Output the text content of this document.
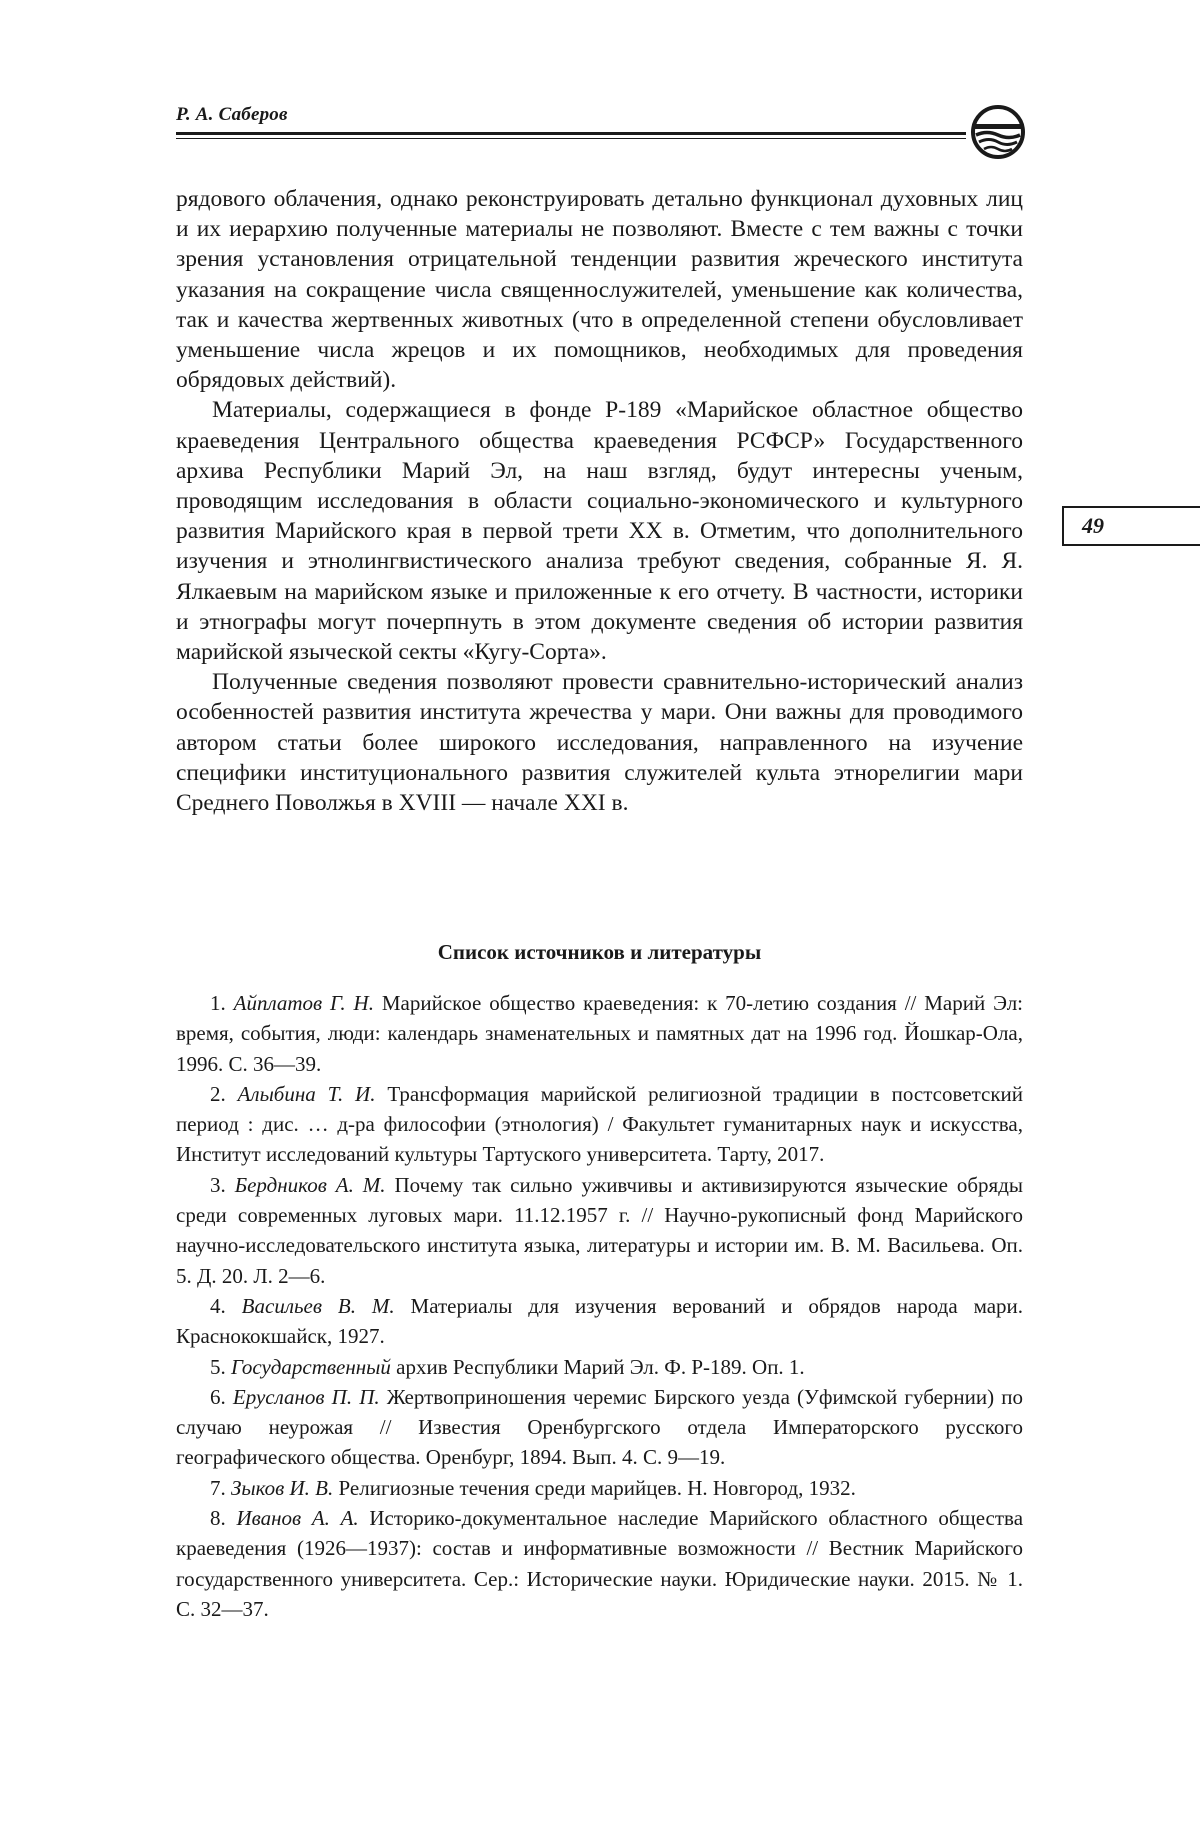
Р. А. Саберов
49

рядового облачения, однако реконструировать детально функционал духовных лиц и их иерархию полученные материалы не позволяют. Вместе с тем важны с точки зрения установления отрицательной тенденции развития жреческого института указания на сокращение числа священнослужителей, уменьшение как количества, так и качества жертвенных животных (что в определенной степени обусловливает уменьшение числа жрецов и их помощников, необходимых для проведения обрядовых действий).

Материалы, содержащиеся в фонде Р-189 «Марийское областное общество краеведения Центрального общества краеведения РСФСР» Государственного архива Республики Марий Эл, на наш взгляд, будут интересны ученым, проводящим исследования в области социально-экономического и культурного развития Марийского края в первой трети XX в. Отметим, что дополнительного изучения и этнолингвистического анализа требуют сведения, собранные Я. Я. Ялкаевым на марийском языке и приложенные к его отчету. В частности, историки и этнографы могут почерпнуть в этом документе сведения об истории развития марийской языческой секты «Кугу-Сорта».

Полученные сведения позволяют провести сравнительно-исторический анализ особенностей развития института жречества у мари. Они важны для проводимого автором статьи более широкого исследования, направленного на изучение специфики институционального развития служителей культа этнорелигии мари Среднего Поволжья в XVIII — начале XXI в.

Список источников и литературы

1. Айплатов Г. Н. Марийское общество краеведения: к 70-летию создания // Марий Эл: время, события, люди: календарь знаменательных и памятных дат на 1996 год. Йошкар-Ола, 1996. С. 36—39.

2. Алыбина Т. И. Трансформация марийской религиозной традиции в постсоветский период : дис. … д-ра философии (этнология) / Факультет гуманитарных наук и искусства, Институт исследований культуры Тартуского университета. Тарту, 2017.

3. Бердников А. М. Почему так сильно уживчивы и активизируются языческие обряды среди современных луговых мари. 11.12.1957 г. // Научно-рукописный фонд Марийского научно-исследовательского института языка, литературы и истории им. В. М. Васильева. Оп. 5. Д. 20. Л. 2—6.

4. Васильев В. М. Материалы для изучения верований и обрядов народа мари. Краснококшайск, 1927.

5. Государственный архив Республики Марий Эл. Ф. Р-189. Оп. 1.

6. Ерусланов П. П. Жертвоприношения черемис Бирского уезда (Уфимской губернии) по случаю неурожая // Известия Оренбургского отдела Императорского русского географического общества. Оренбург, 1894. Вып. 4. С. 9—19.

7. Зыков И. В. Религиозные течения среди марийцев. Н. Новгород, 1932.

8. Иванов А. А. Историко-документальное наследие Марийского областного общества краеведения (1926—1937): состав и информативные возможности // Вестник Марийского государственного университета. Сер.: Исторические науки. Юридические науки. 2015. № 1. С. 32—37.
